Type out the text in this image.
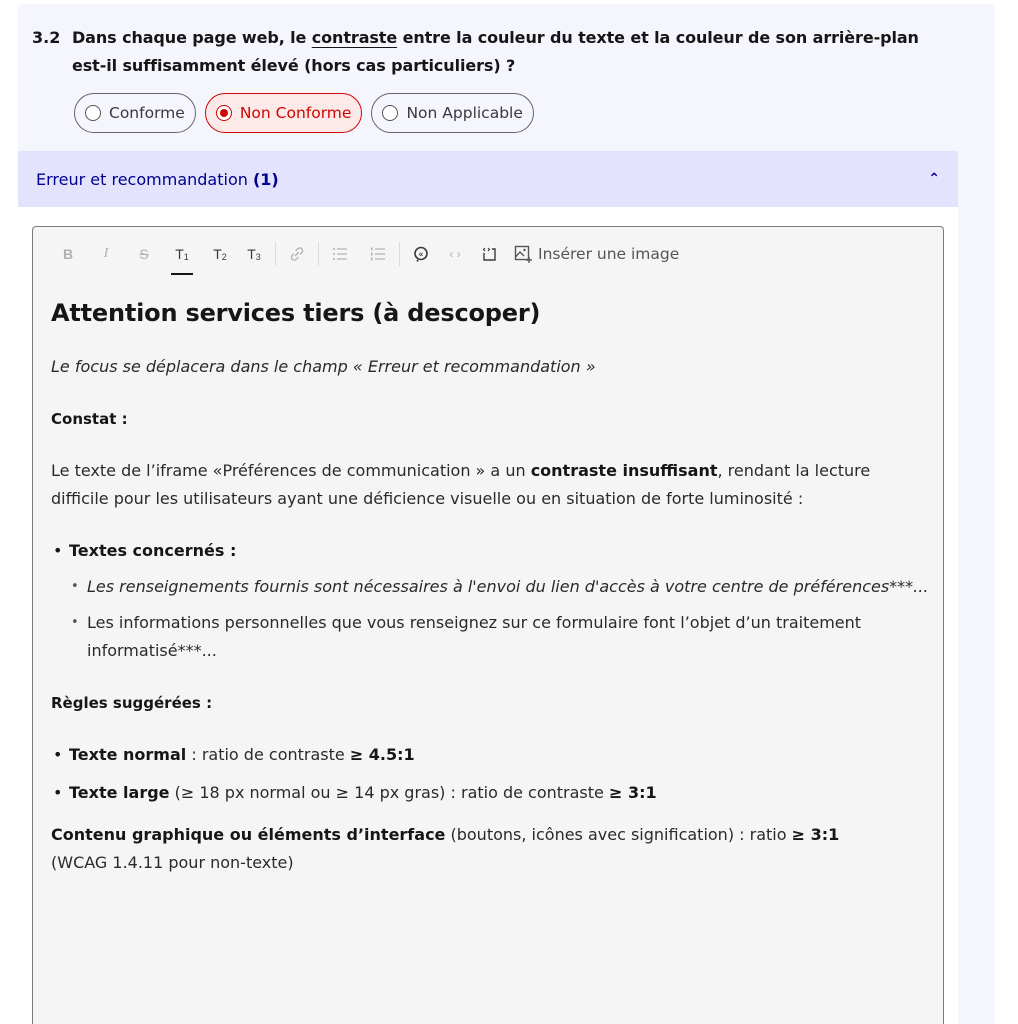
3.2 Dans chaque page web, le contraste entre la couleur du texte et la couleur de son arrière-plan est-il suffisamment élevé (hors cas particuliers) ?
Conforme	Non Conforme	Non Applicable
Erreur et recommandation (1)	⌃
B I S $T_1$ $T_2$ $T_3$	« ‹ ›	Insérer une image
Attention services tiers (à descoper)
Le focus se déplacera dans le champ « Erreur et recommandation »
Constat :
Le texte de l’iframe «Préférences de communication » a un contraste insuffisant, rendant la lecture difficile pour les utilisateurs ayant une déficience visuelle ou en situation de forte luminosité :
• Textes concernés :
• Les renseignements fournis sont nécessaires à l'envoi du lien d'accès à votre centre de préférences***...
• Les informations personnelles que vous renseignez sur ce formulaire font l’objet d’un traitement informatisé***...
Règles suggérées :
• Texte normal : ratio de contraste ≥ 4.5:1
• Texte large (≥ 18 px normal ou ≥ 14 px gras) : ratio de contraste ≥ 3:1
Contenu graphique ou éléments d’interface (boutons, icônes avec signification) : ratio ≥ 3:1
(WCAG 1.4.11 pour non-texte)
